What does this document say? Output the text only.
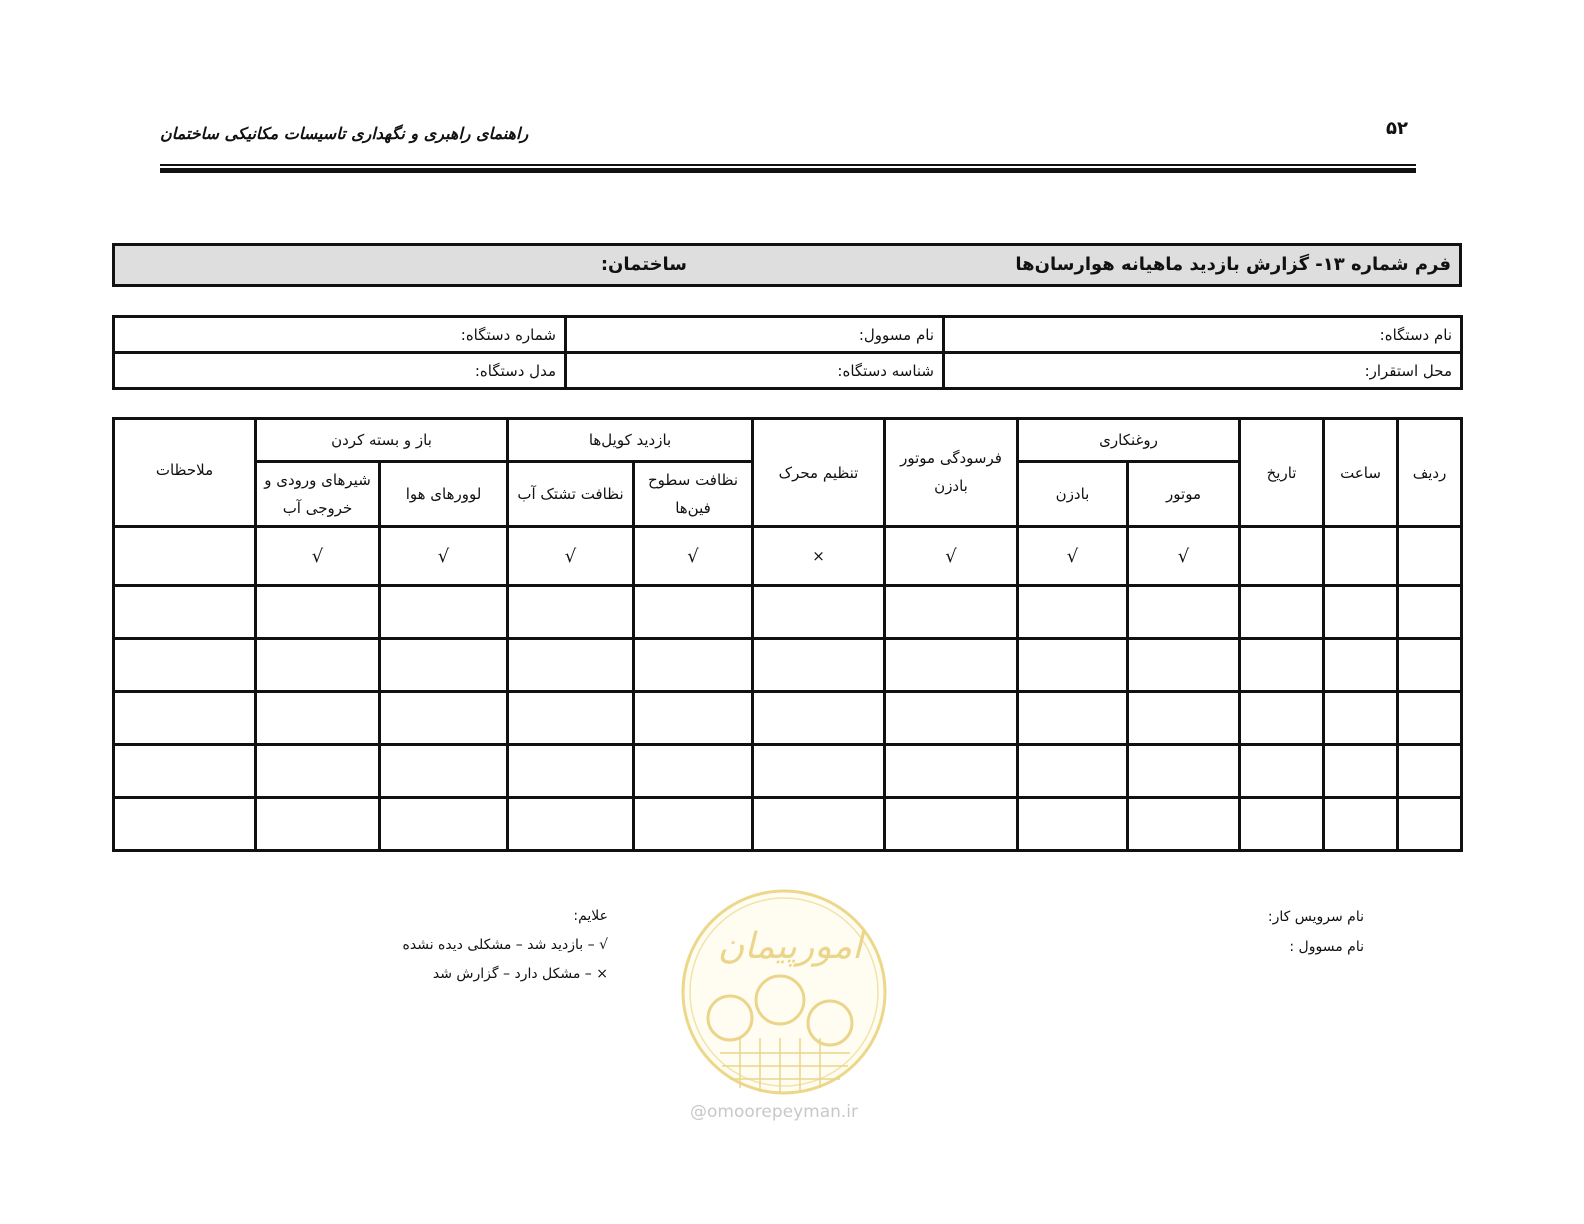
راهنمای راهبری و نگهداری تاسیسات مکانیکی ساختمان	۵۲
فرم شماره ۱۳- گزارش بازدید ماهیانه هوارسان‌ها
ساختمان:
نام دستگاه:	نام مسوول:	شماره دستگاه:
محل استقرار:	شناسه دستگاه:	مدل دستگاه:
ردیف	ساعت	تاریخ	روغنکاری		فرسودگی موتور بادزن	تنظیم محرک	بازدید کویل‌ها		باز و بسته کردن		ملاحظات
			موتور	بادزن			نظافت سطوح فین‌ها	نظافت تشتک آب	لوورهای هوا	شیرهای ورودی و خروجی آب	
			√	√	√	×	√	√	√	√	

نام سرویس کار:
نام مسوول :
علایم:
√ – بازدید شد – مشکلی دیده نشده
× – مشکل دارد – گزارش شد
امورپیمان
@omoorepeyman.ir
